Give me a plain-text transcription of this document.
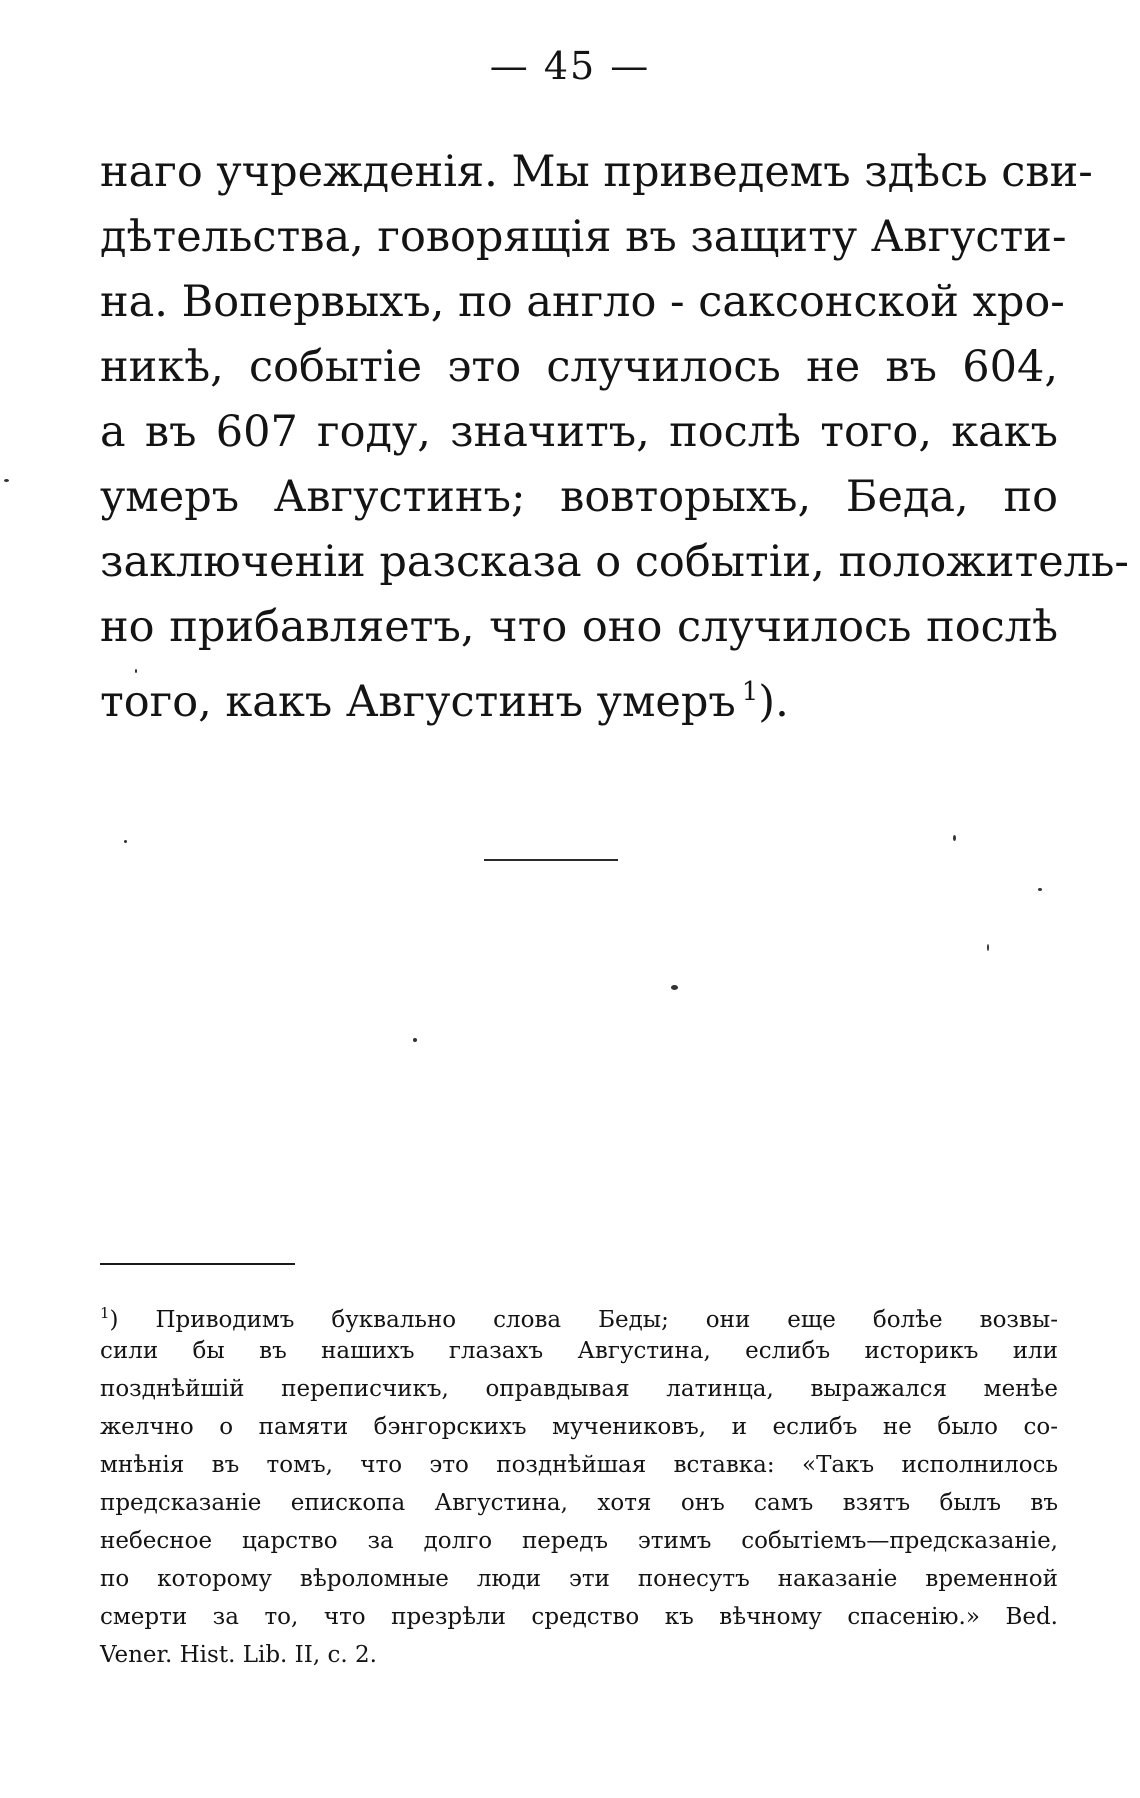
— 45 —
наго учрежденія. Мы приведемъ здѣсь сви-
дѣтельства, говорящія въ защиту Августи-
на. Вопервыхъ, по англо - саксонской хро-
никѣ, событіе это случилось не въ 604,
а въ 607 году, значитъ, послѣ того, какъ
умеръ Августинъ; вовторыхъ, Беда, по
заключеніи разсказа о событіи, положитель-
но прибавляетъ, что оно случилось послѣ
того, какъ Августинъ умеръ $^1$).
$^1$) Приводимъ буквально слова Беды; они еще болѣе возвы-
сили бы въ нашихъ глазахъ Августина, еслибъ историкъ или
позднѣйшій переписчикъ, оправдывая латинца, выражался менѣе
желчно о памяти бэнгорскихъ мучениковъ, и еслибъ не было со-
мнѣнія въ томъ, что это позднѣйшая вставка: «Такъ исполнилось
предсказаніе епископа Августина, хотя онъ самъ взятъ былъ въ
небесное царство за долго передъ этимъ событіемъ—предсказаніе,
по которому вѣроломные люди эти понесутъ наказаніе временной
смерти за то, что презрѣли средство къ вѣчному спасенію.» Bed.
Vener. Hist. Lib. II, c. 2.
